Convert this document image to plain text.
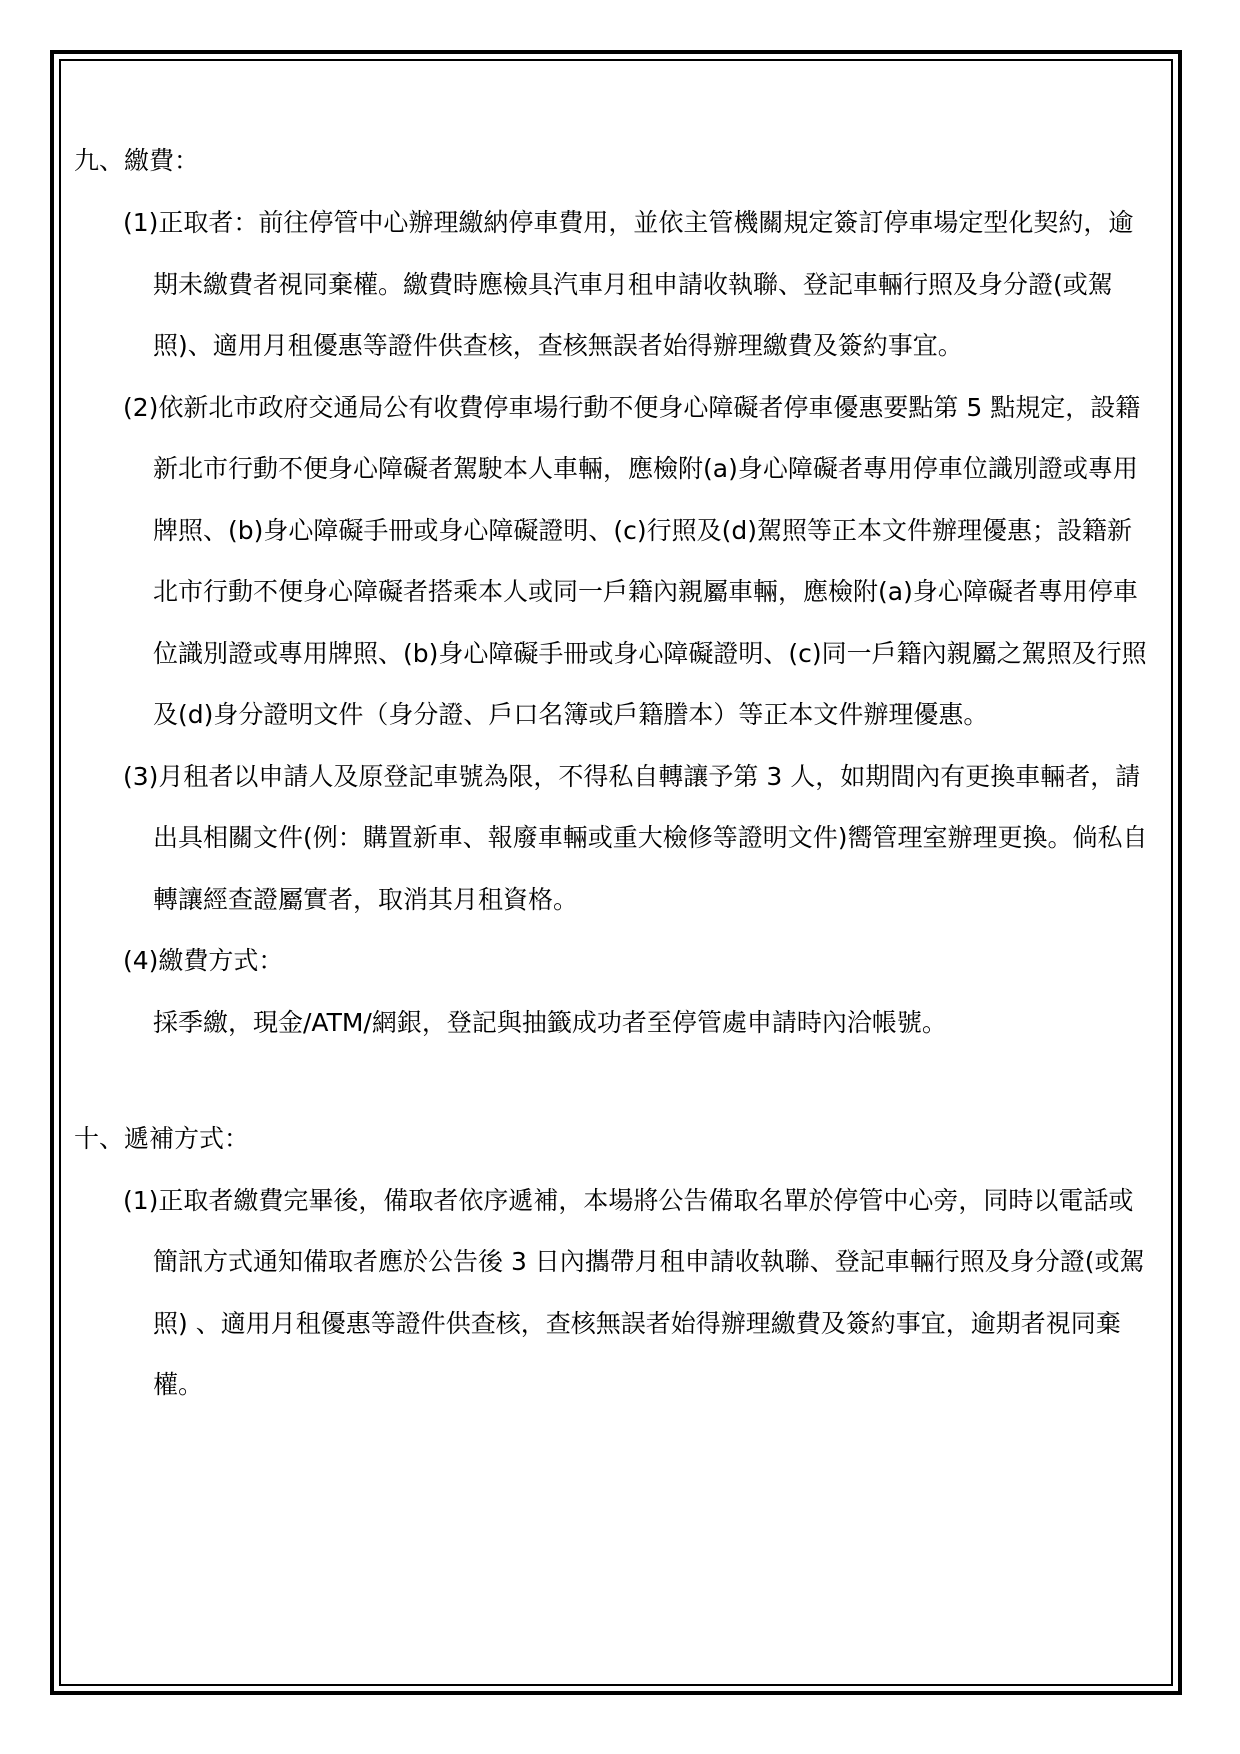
九、繳費：

(1)正取者：前往停管中心辦理繳納停車費用，並依主管機關規定簽訂停車場定型化契約，逾期未繳費者視同棄權。繳費時應檢具汽車月租申請收執聯、登記車輛行照及身分證(或駕照)、適用月租優惠等證件供查核，查核無誤者始得辦理繳費及簽約事宜。

(2)依新北市政府交通局公有收費停車場行動不便身心障礙者停車優惠要點第 5 點規定，設籍新北市行動不便身心障礙者駕駛本人車輛，應檢附(a)身心障礙者專用停車位識別證或專用牌照、(b)身心障礙手冊或身心障礙證明、(c)行照及(d)駕照等正本文件辦理優惠；設籍新北市行動不便身心障礙者搭乘本人或同一戶籍內親屬車輛，應檢附(a)身心障礙者專用停車位識別證或專用牌照、(b)身心障礙手冊或身心障礙證明、(c)同一戶籍內親屬之駕照及行照及(d)身分證明文件（身分證、戶口名簿或戶籍謄本）等正本文件辦理優惠。

(3)月租者以申請人及原登記車號為限，不得私自轉讓予第 3 人，如期間內有更換車輛者，請出具相關文件(例：購置新車、報廢車輛或重大檢修等證明文件)嚮管理室辦理更換。倘私自轉讓經查證屬實者，取消其月租資格。

(4)繳費方式：

採季繳，現金/ATM/網銀，登記與抽籤成功者至停管處申請時內洽帳號。

十、遞補方式：

(1)正取者繳費完畢後，備取者依序遞補，本場將公告備取名單於停管中心旁，同時以電話或簡訊方式通知備取者應於公告後 3 日內攜帶月租申請收執聯、登記車輛行照及身分證(或駕照) 、適用月租優惠等證件供查核，查核無誤者始得辦理繳費及簽約事宜，逾期者視同棄權。
